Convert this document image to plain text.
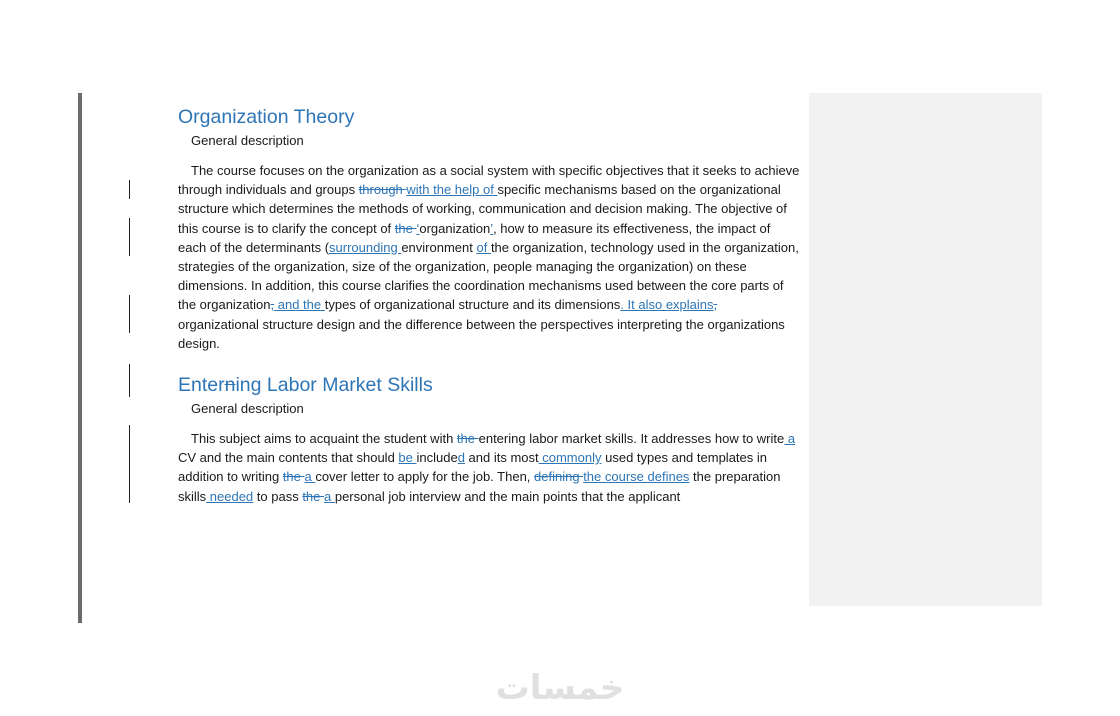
Organization Theory
General description

The course focuses on the organization as a social system with specific objectives that it seeks to achieve through individuals and groups through with the help of specific mechanisms based on the organizational structure which determines the methods of working, communication and decision making. The objective of this course is to clarify the concept of the ‘organization’, how to measure its effectiveness, the impact of each of the determinants (surrounding environment of the organization, technology used in the organization, strategies of the organization, size of the organization, people managing the organization) on these dimensions. In addition, this course clarifies the coordination mechanisms used between the core parts of the organization, and the types of organizational structure and its dimensions. It also explains, organizational structure design and the difference between the perspectives interpreting the organizations design.

Enterning Labor Market Skills
General description

This subject aims to acquaint the student with the entering labor market skills. It addresses how to write a CV and the main contents that should be included and its most commonly used types and templates in addition to writing the a cover letter to apply for the job. Then, defining the course defines the preparation skills needed to pass the a personal job interview and the main points that the applicant

خمسات
